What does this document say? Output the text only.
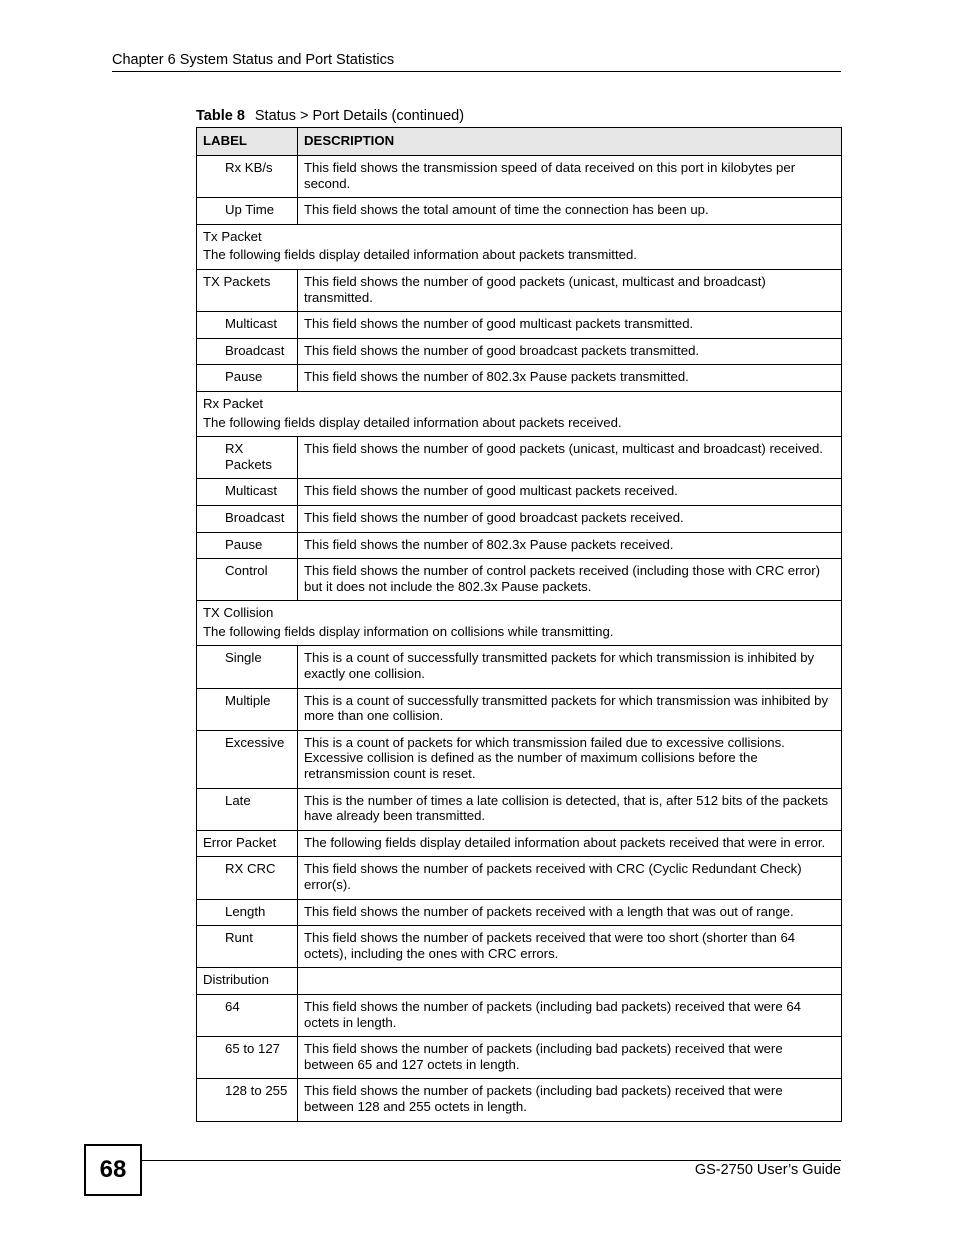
Chapter 6 System Status and Port Statistics
Table 8 Status > Port Details (continued)
LABEL	DESCRIPTION
Rx KB/s	This field shows the transmission speed of data received on this port in kilobytes per second.
Up Time	This field shows the total amount of time the connection has been up.

Tx Packet
The following fields display detailed information about packets transmitted.	

TX Packets	This field shows the number of good packets (unicast, multicast and broadcast) transmitted.
Multicast	This field shows the number of good multicast packets transmitted.
Broadcast	This field shows the number of good broadcast packets transmitted.
Pause	This field shows the number of 802.3x Pause packets transmitted.

Rx Packet
The following fields display detailed information about packets received.	

RX Packets	This field shows the number of good packets (unicast, multicast and broadcast) received.
Multicast	This field shows the number of good multicast packets received.
Broadcast	This field shows the number of good broadcast packets received.
Pause	This field shows the number of 802.3x Pause packets received.
Control	This field shows the number of control packets received (including those with CRC error) but it does not include the 802.3x Pause packets.

TX Collision
The following fields display information on collisions while transmitting.	

Single	This is a count of successfully transmitted packets for which transmission is inhibited by exactly one collision.
Multiple	This is a count of successfully transmitted packets for which transmission was inhibited by more than one collision.
Excessive	This is a count of packets for which transmission failed due to excessive collisions. Excessive collision is defined as the number of maximum collisions before the retransmission count is reset.
Late	This is the number of times a late collision is detected, that is, after 512 bits of the packets have already been transmitted.
Error Packet	The following fields display detailed information about packets received that were in error.
RX CRC	This field shows the number of packets received with CRC (Cyclic Redundant Check) error(s).
Length	This field shows the number of packets received with a length that was out of range.
Runt	This field shows the number of packets received that were too short (shorter than 64 octets), including the ones with CRC errors.
Distribution	
64	This field shows the number of packets (including bad packets) received that were 64 octets in length.
65 to 127	This field shows the number of packets (including bad packets) received that were between 65 and 127 octets in length.
128 to 255	This field shows the number of packets (including bad packets) received that were between 128 and 255 octets in length.
68	GS-2750 User’s Guide
